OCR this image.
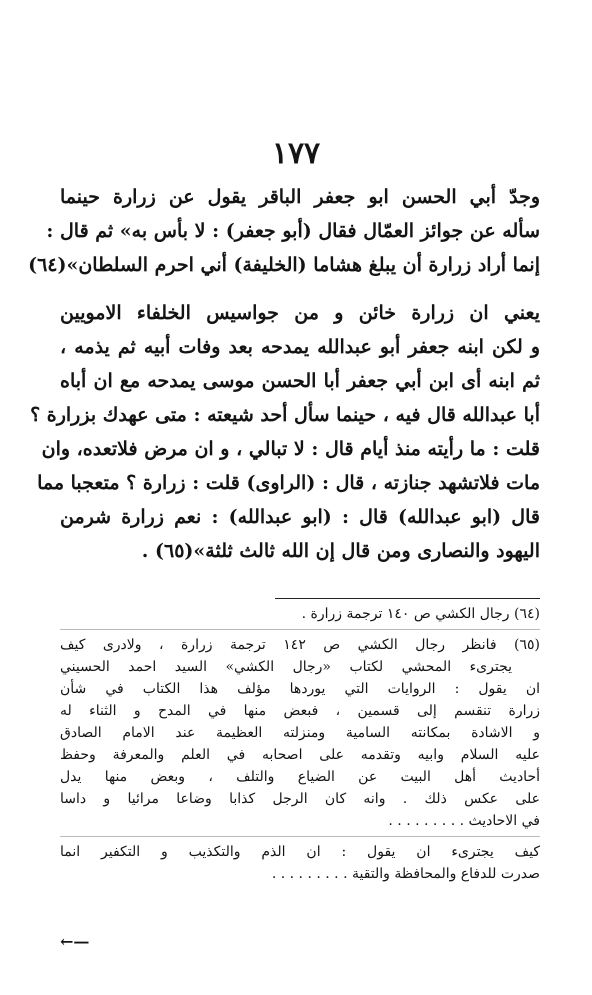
١٧٧
وجدّ أبي الحسن ابو جعفر الباقر يقول عن زرارة حينما
سأله عن جوائز العمّال فقال (أبو جعفر) : لا بأس به» ثم قال :
إنما أراد زرارة أن يبلغ هشاما (الخليفة) أني احرم السلطان»(٦٤)
يعني ان زرارة خائن و من جواسيس الخلفاء الامويين
و لكن ابنه جعفر أبو عبدالله يمدحه بعد وفات أبيه ثم يذمه ،
ثم ابنه أى ابن أبي جعفر أبا الحسن موسى يمدحه مع ان أباه
أبا عبدالله قال فيه ، حينما سأل أحد شيعته : متى عهدك بزرارة ؟
قلت : ما رأيته منذ أيام قال : لا تبالي ، و ان مرض فلاتعده، وان
مات فلاتشهد جنازته ، قال : (الراوى) قلت : زرارة ؟ متعجبا مما
قال (ابو عبدالله) قال : (ابو عبدالله) : نعم زرارة شرمن
اليهود والنصارى ومن قال إن الله ثالث ثلثة»(٦٥) .
(٦٤) رجال الكشي ص ١٤٠ ترجمة زرارة .
(٦٥) فانظر رجال الكشي ص ١٤٢ ترجمة زرارة ، ولادرى كيف
يجترىء المحشي لكتاب «رجال الكشي» السيد احمد الحسيني
ان يقول : الروايات التي يوردها مؤلف هذا الكتاب في شأن
زرارة تنقسم إلى قسمين ، فبعض منها في المدح و الثناء له
و الاشادة بمكانته السامية ومنزلته العظيمة عند الامام الصادق
عليه السلام وابيه وتقدمه على اصحابه في العلم والمعرفة وحفظ
أحاديث أهل البيت عن الضياع والتلف ، وبعض منها يدل
على عكس ذلك . وانه كان الرجل كذابا وضاعا مرائيا و داسا
في الاحاديث . . . . . . . . .
كيف يجترىء ان يقول : ان الذم والتكذيب و التكفير انما
صدرت للدفاع والمحافظة والتقية . . . . . . . . .
←—
